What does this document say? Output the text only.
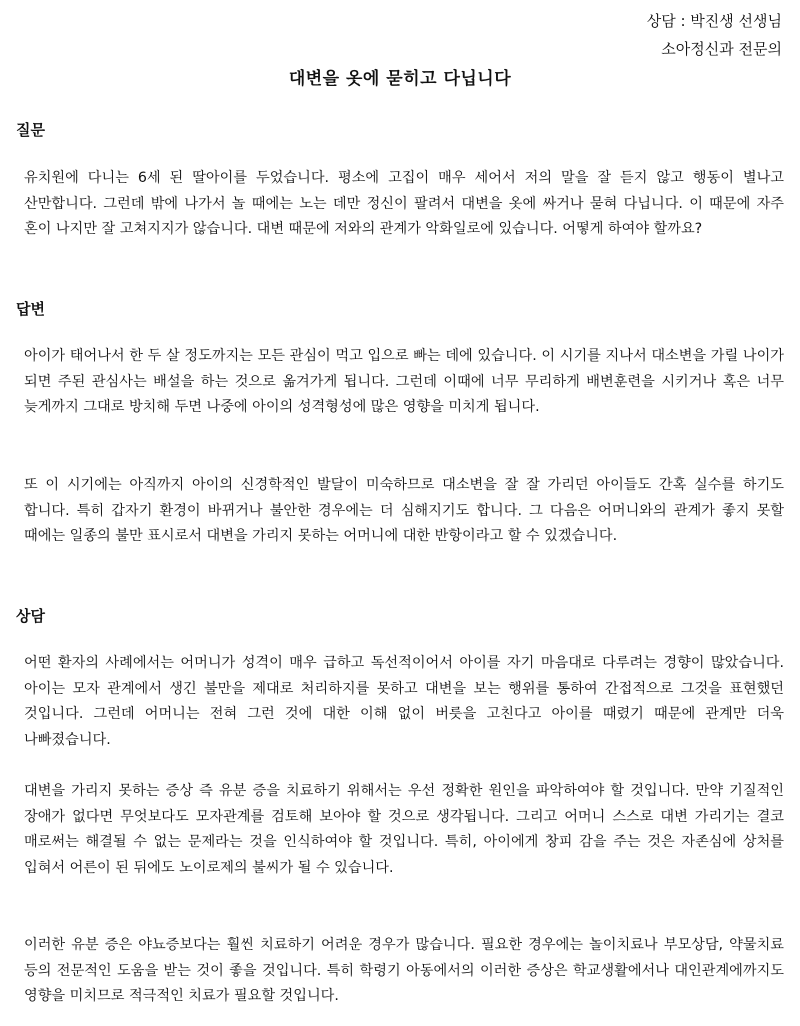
상담 : 박진생 선생님
소아정신과 전문의
대변을 옷에 묻히고 다닙니다
질문
유치원에 다니는 6세 된 딸아이를 두었습니다. 평소에 고집이 매우 세어서 저의 말을 잘 듣지 않고 행동이 별나고 산만합니다. 그런데 밖에 나가서 놀 때에는 노는 데만 정신이 팔려서 대변을 옷에 싸거나 묻혀 다닙니다. 이 때문에 자주 혼이 나지만 잘 고쳐지지가 않습니다. 대변 때문에 저와의 관계가 악화일로에 있습니다. 어떻게 하여야 할까요?
답변
아이가 태어나서 한 두 살 정도까지는 모든 관심이 먹고 입으로 빠는 데에 있습니다. 이 시기를 지나서 대소변을 가릴 나이가 되면 주된 관심사는 배설을 하는 것으로 옮겨가게 됩니다. 그런데 이때에 너무 무리하게 배변훈련을 시키거나 혹은 너무 늦게까지 그대로 방치해 두면 나중에 아이의 성격형성에 많은 영향을 미치게 됩니다.
또 이 시기에는 아직까지 아이의 신경학적인 발달이 미숙하므로 대소변을 잘 잘 가리던 아이들도 간혹 실수를 하기도 합니다. 특히 갑자기 환경이 바뀌거나 불안한 경우에는 더 심해지기도 합니다. 그 다음은 어머니와의 관계가 좋지 못할 때에는 일종의 불만 표시로서 대변을 가리지 못하는 어머니에 대한 반항이라고 할 수 있겠습니다.
상담
어떤 환자의 사례에서는 어머니가 성격이 매우 급하고 독선적이어서 아이를 자기 마음대로 다루려는 경향이 많았습니다. 아이는 모자 관계에서 생긴 불만을 제대로 처리하지를 못하고 대변을 보는 행위를 통하여 간접적으로 그것을 표현했던 것입니다. 그런데 어머니는 전혀 그런 것에 대한 이해 없이 버릇을 고친다고 아이를 때렸기 때문에 관계만 더욱 나빠졌습니다.
대변을 가리지 못하는 증상 즉 유분 증을 치료하기 위해서는 우선 정확한 원인을 파악하여야 할 것입니다. 만약 기질적인 장애가 없다면 무엇보다도 모자관계를 검토해 보아야 할 것으로 생각됩니다. 그리고 어머니 스스로 대변 가리기는 결코 매로써는 해결될 수 없는 문제라는 것을 인식하여야 할 것입니다. 특히, 아이에게 창피 감을 주는 것은 자존심에 상처를 입혀서 어른이 된 뒤에도 노이로제의 불씨가 될 수 있습니다.
이러한 유분 증은 야뇨증보다는 훨씬 치료하기 어려운 경우가 많습니다. 필요한 경우에는 놀이치료나 부모상담, 약물치료 등의 전문적인 도움을 받는 것이 좋을 것입니다. 특히 학령기 아동에서의 이러한 증상은 학교생활에서나 대인관계에까지도 영향을 미치므로 적극적인 치료가 필요할 것입니다.
